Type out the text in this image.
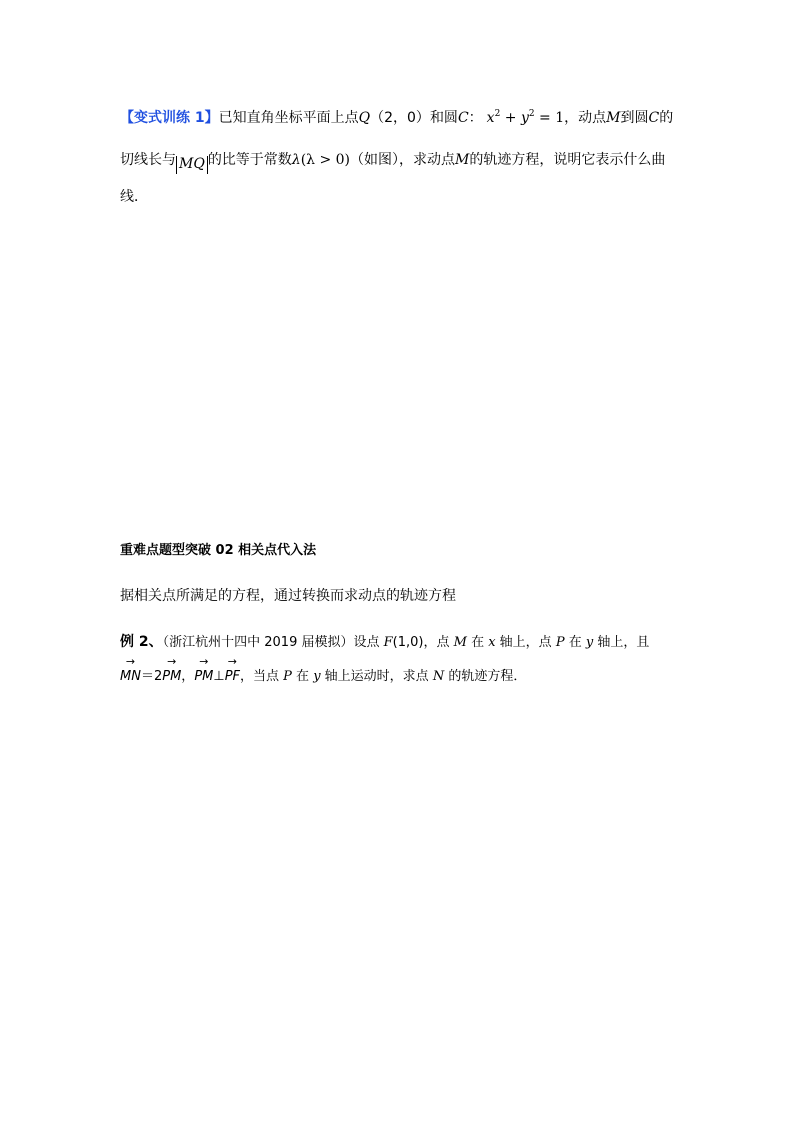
【变式训练 1】已知直角坐标平面上点Q（2，0）和圆C： $x^2 + y^2 = 1$，动点M到圆C的
切线长与 MQ 的比等于常数λ(λ > 0)（如图），求动点M的轨迹方程，说明它表示什么曲
线．
重难点题型突破 02 相关点代入法
据相关点所满足的方程，通过转换而求动点的轨迹方程
例 2、（浙江杭州十四中 2019 届模拟）设点 F(1,0)，点 M 在 x 轴上，点 P 在 y 轴上，且
→ MN＝2→ PM，→ PM⊥→ PF，当点 P 在 y 轴上运动时，求点 N 的轨迹方程．
